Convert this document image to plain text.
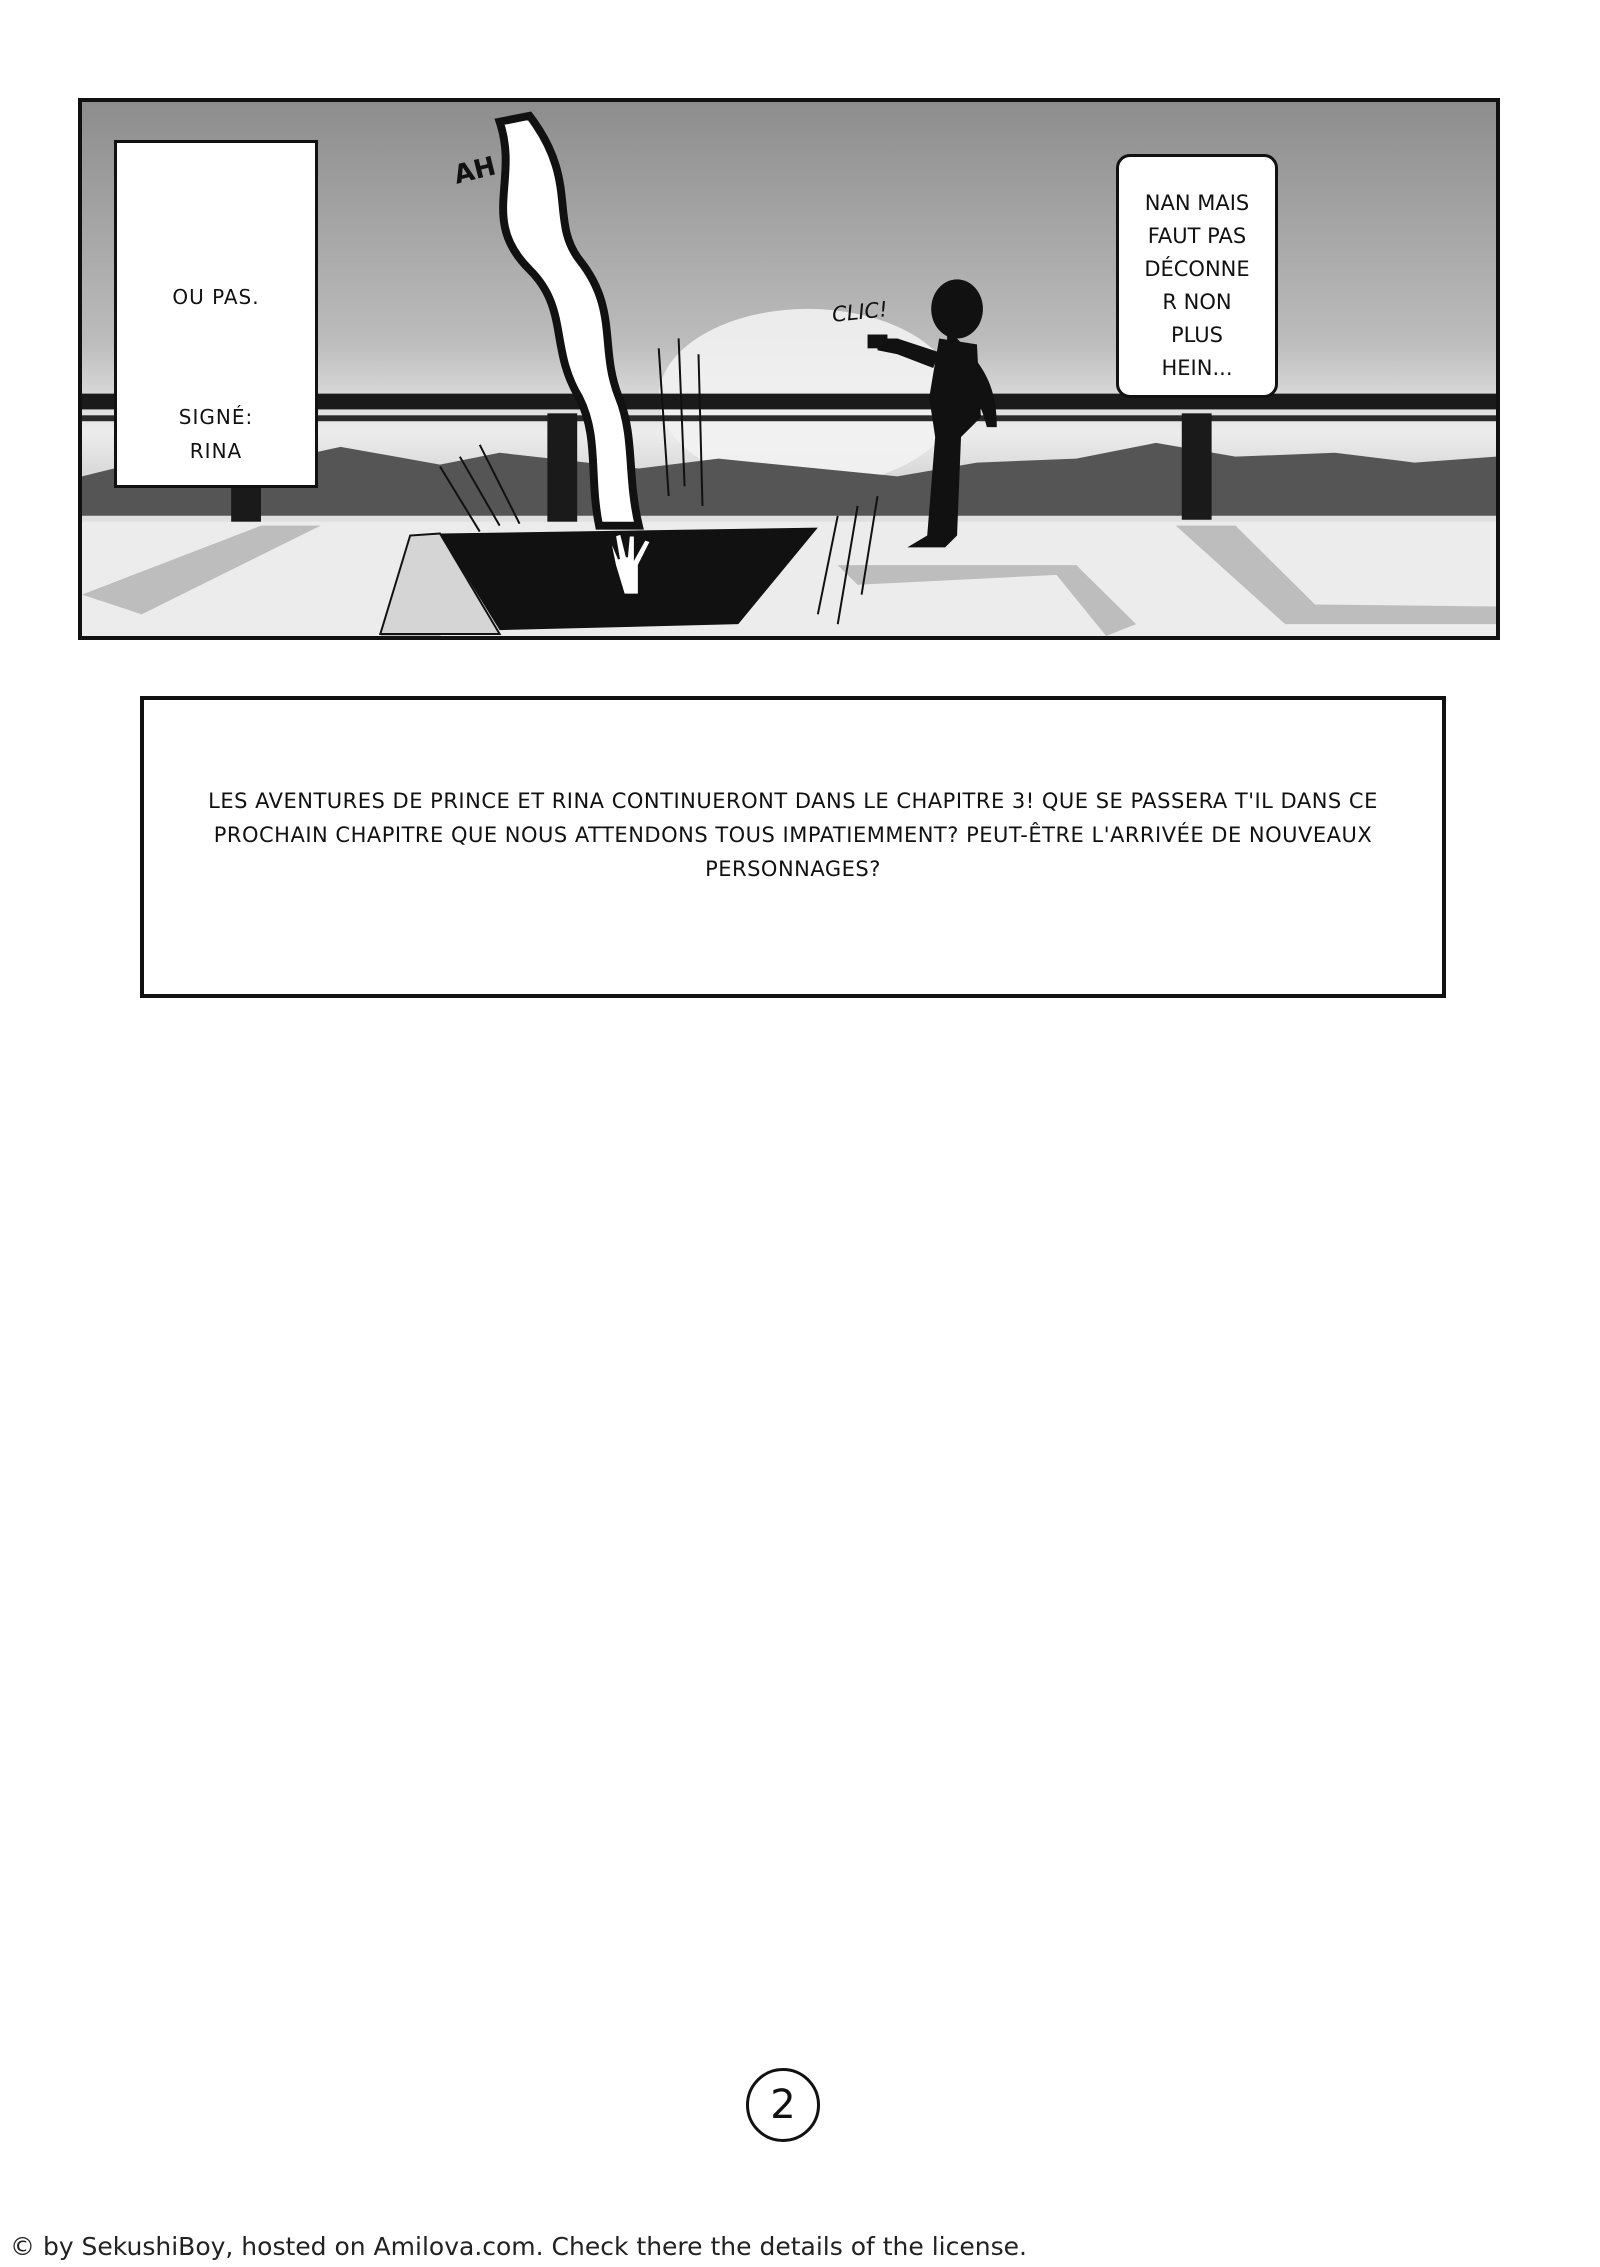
OU PAS.
SIGNÉ:
RINA
AH
CLIC!
NAN MAIS
FAUT PAS
DÉCONNE
R NON
PLUS
HEIN...

LES AVENTURES DE PRINCE ET RINA CONTINUERONT DANS LE CHAPITRE 3! QUE SE PASSERA T'IL DANS CE PROCHAIN CHAPITRE QUE NOUS ATTENDONS TOUS IMPATIEMMENT? PEUT-ÊTRE L'ARRIVÉE DE NOUVEAUX PERSONNAGES?

2
© by SekushiBoy, hosted on Amilova.com. Check there the details of the license.
